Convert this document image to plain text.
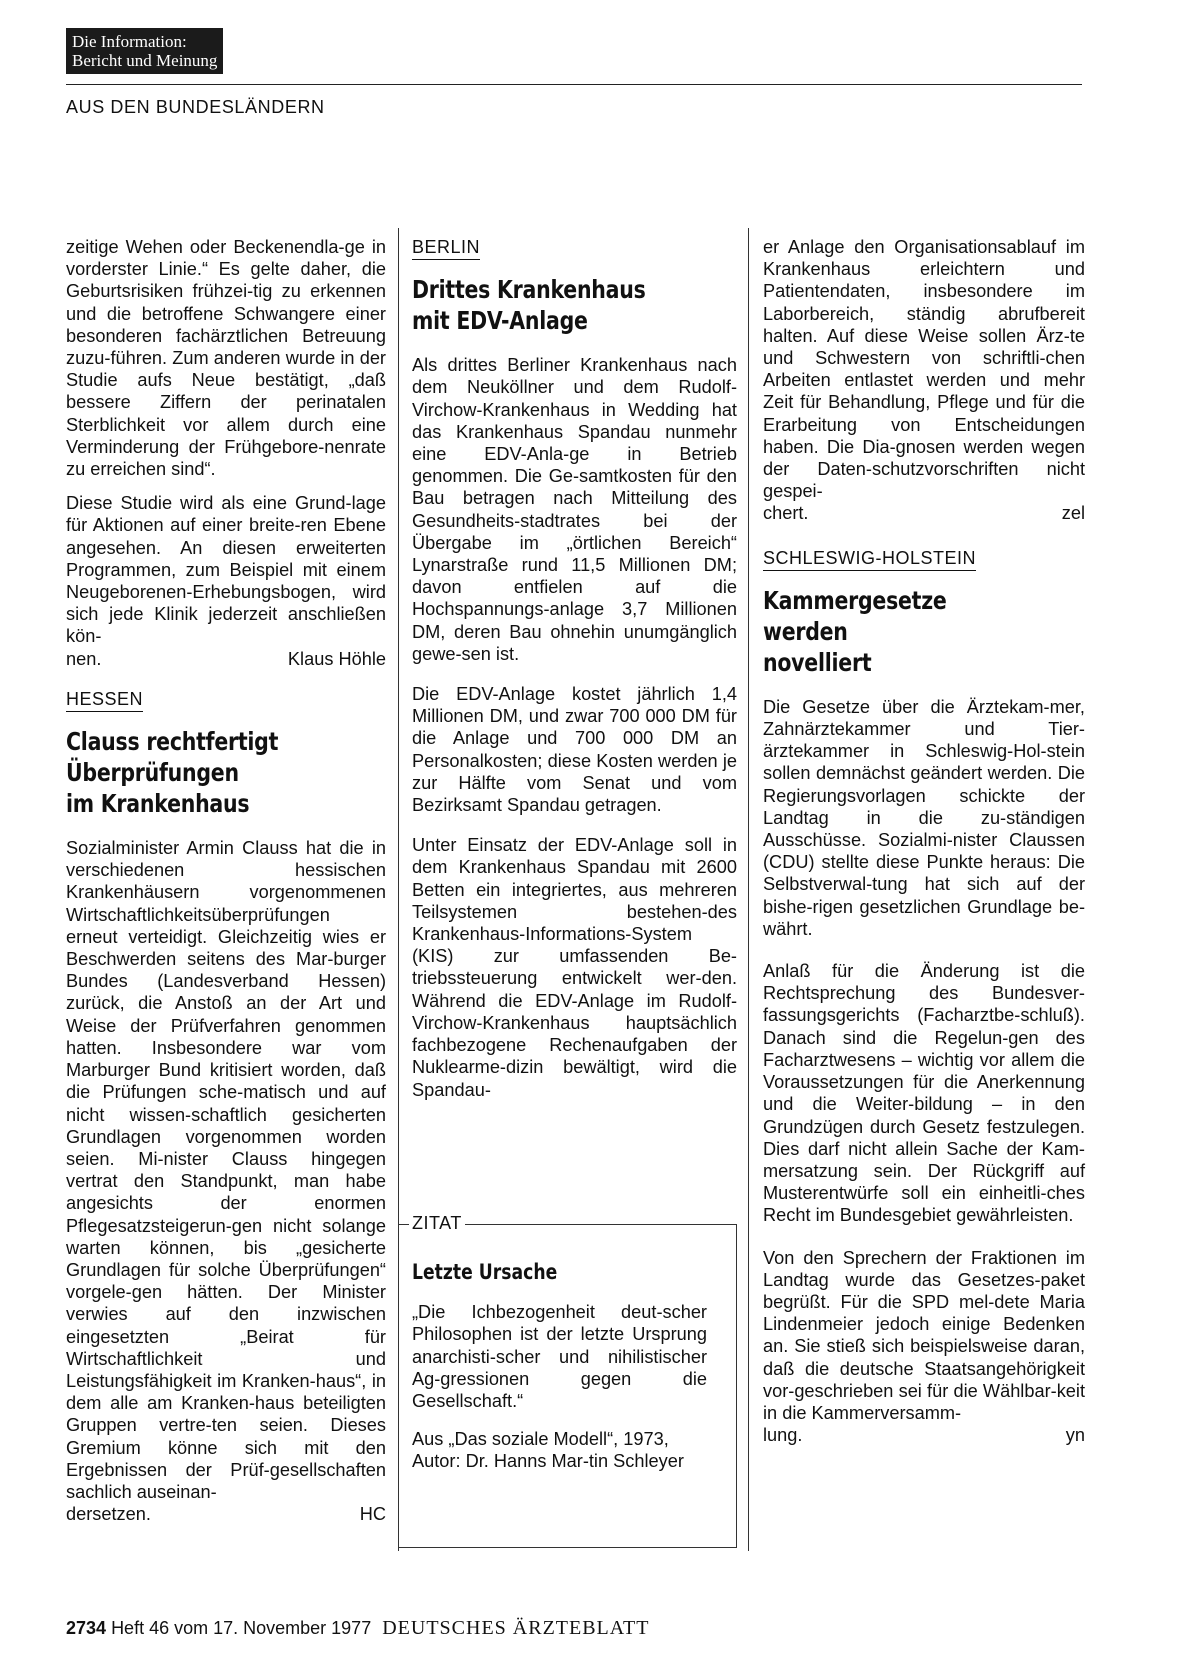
Die Information:
Bericht und Meinung
AUS DEN BUNDESLÄNDERN

zeitige Wehen oder Beckenendla-ge in vorderster Linie.“ Es gelte daher, die Geburtsrisiken frühzei-tig zu erkennen und die betroffene Schwangere einer besonderen fachärztlichen Betreuung zuzu-führen. Zum anderen wurde in der Studie aufs Neue bestätigt, „daß bessere Ziffern der perinatalen Sterblichkeit vor allem durch eine Verminderung der Frühgebore-nenrate zu erreichen sind“.

Diese Studie wird als eine Grund-lage für Aktionen auf einer breite-ren Ebene angesehen. An diesen erweiterten Programmen, zum Beispiel mit einem Neugeborenen-Erhebungsbogen, wird sich jede Klinik jederzeit anschließen kön-

nen.	Klaus Höhle
HESSEN
Clauss rechtfertigt
Überprüfungen
im Krankenhaus

Sozialminister Armin Clauss hat die in verschiedenen hessischen Krankenhäusern vorgenommenen Wirtschaftlichkeitsüberprüfungen erneut verteidigt. Gleichzeitig wies er Beschwerden seitens des Mar-burger Bundes (Landesverband Hessen) zurück, die Anstoß an der Art und Weise der Prüfverfahren genommen hatten. Insbesondere war vom Marburger Bund kritisiert worden, daß die Prüfungen sche-matisch und auf nicht wissen-schaftlich gesicherten Grundlagen vorgenommen worden seien. Mi-nister Clauss hingegen vertrat den Standpunkt, man habe angesichts der enormen Pflegesatzsteigerun-gen nicht solange warten können, bis „gesicherte Grundlagen für solche Überprüfungen“ vorgele-gen hätten. Der Minister verwies auf den inzwischen eingesetzten „Beirat für Wirtschaftlichkeit und Leistungsfähigkeit im Kranken-haus“, in dem alle am Kranken-haus beteiligten Gruppen vertre-ten seien. Dieses Gremium könne sich mit den Ergebnissen der Prüf-gesellschaften sachlich auseinan-

dersetzen.	HC
BERLIN
Drittes Krankenhaus
mit EDV-Anlage

Als drittes Berliner Krankenhaus nach dem Neuköllner und dem Rudolf-Virchow-Krankenhaus in Wedding hat das Krankenhaus Spandau nunmehr eine EDV-Anla-ge in Betrieb genommen. Die Ge-samtkosten für den Bau betragen nach Mitteilung des Gesundheits-stadtrates bei der Übergabe im „örtlichen Bereich“ Lynarstraße rund 11,5 Millionen DM; davon entfielen auf die Hochspannungs-anlage 3,7 Millionen DM, deren Bau ohnehin unumgänglich gewe-sen ist.

Die EDV-Anlage kostet jährlich 1,4 Millionen DM, und zwar 700 000 DM für die Anlage und 700 000 DM an Personalkosten; diese Kosten werden je zur Hälfte vom Senat und vom Bezirksamt Spandau getragen.

Unter Einsatz der EDV-Anlage soll in dem Krankenhaus Spandau mit 2600 Betten ein integriertes, aus mehreren Teilsystemen bestehen-des Krankenhaus-Informations-System (KIS) zur umfassenden Be-triebssteuerung entwickelt wer-den. Während die EDV-Anlage im Rudolf-Virchow-Krankenhaus hauptsächlich fachbezogene Rechenaufgaben der Nuklearme-dizin bewältigt, wird die Spandau-

ZITAT
Letzte Ursache

„Die Ichbezogenheit deut-scher Philosophen ist der letzte Ursprung anarchisti-scher und nihilistischer Ag-gressionen gegen die Gesellschaft.“

Aus „Das soziale Modell“, 1973, Autor: Dr. Hanns Mar-tin Schleyer

er Anlage den Organisationsablauf im Krankenhaus erleichtern und Patientendaten, insbesondere im Laborbereich, ständig abrufbereit halten. Auf diese Weise sollen Ärz-te und Schwestern von schriftli-chen Arbeiten entlastet werden und mehr Zeit für Behandlung, Pflege und für die Erarbeitung von Entscheidungen haben. Die Dia-gnosen werden wegen der Daten-schutzvorschriften nicht gespei-

chert.	zel
SCHLESWIG-HOLSTEIN
Kammergesetze
werden
novelliert

Die Gesetze über die Ärztekam-mer, Zahnärztekammer und Tier-ärztekammer in Schleswig-Hol-stein sollen demnächst geändert werden. Die Regierungsvorlagen schickte der Landtag in die zu-ständigen Ausschüsse. Sozialmi-nister Claussen (CDU) stellte diese Punkte heraus: Die Selbstverwal-tung hat sich auf der bishe-rigen gesetzlichen Grundlage be-währt.

Anlaß für die Änderung ist die Rechtsprechung des Bundesver-fassungsgerichts (Facharztbe-schluß). Danach sind die Regelun-gen des Facharztwesens – wichtig vor allem die Voraussetzungen für die Anerkennung und die Weiter-bildung – in den Grundzügen durch Gesetz festzulegen. Dies darf nicht allein Sache der Kam-mersatzung sein. Der Rückgriff auf Musterentwürfe soll ein einheitli-ches Recht im Bundesgebiet gewährleisten.

Von den Sprechern der Fraktionen im Landtag wurde das Gesetzes-paket begrüßt. Für die SPD mel-dete Maria Lindenmeier jedoch einige Bedenken an. Sie stieß sich beispielsweise daran, daß die deutsche Staatsangehörigkeit vor-geschrieben sei für die Wählbar-keit in die Kammerversamm-

lung.	yn
2734 Heft 46 vom 17. November 1977 DEUTSCHES ÄRZTEBLATT
